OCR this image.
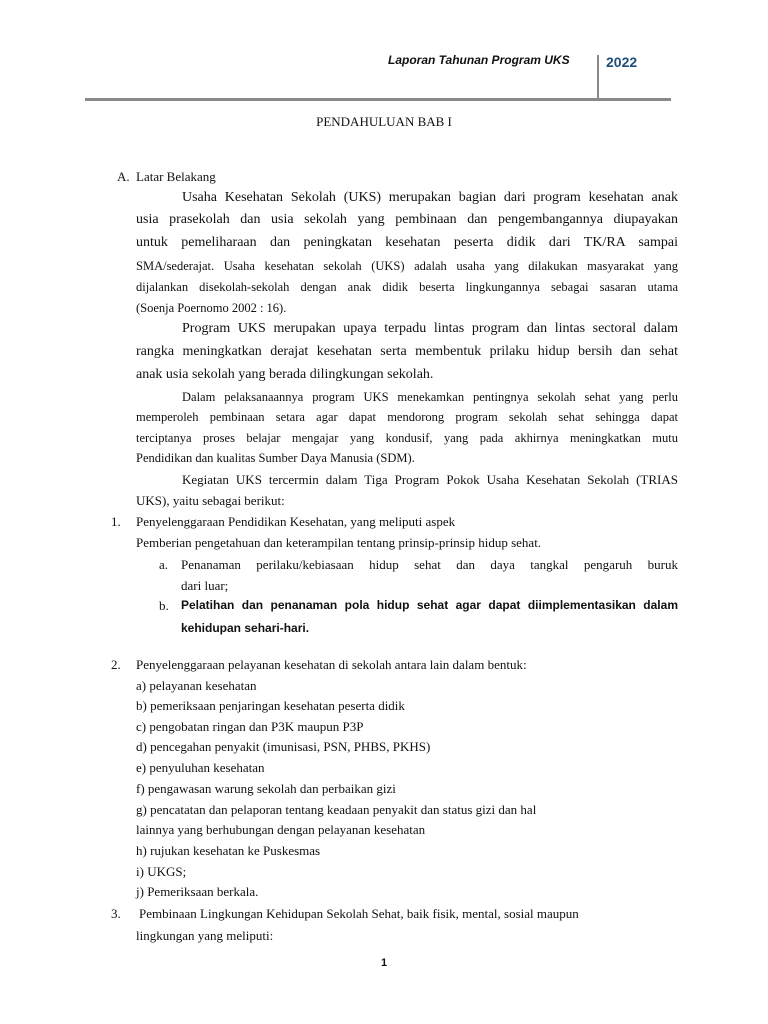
Laporan Tahunan Program UKS	2022
PENDAHULUAN BAB I
A. Latar Belakang
Usaha Kesehatan Sekolah (UKS) merupakan bagian dari program kesehatan anak
usia prasekolah dan usia sekolah yang pembinaan dan pengembangannya diupayakan
untuk pemeliharaan dan peningkatan kesehatan peserta didik dari TK/RA sampai
SMA/sederajat. Usaha kesehatan sekolah (UKS) adalah usaha yang dilakukan masyarakat yang
dijalankan disekolah-sekolah dengan anak didik beserta lingkungannya sebagai sasaran utama
(Soenja Poernomo 2002 : 16).
Program UKS merupakan upaya terpadu lintas program dan lintas sectoral dalam
rangka meningkatkan derajat kesehatan serta membentuk prilaku hidup bersih dan sehat
anak usia sekolah yang berada dilingkungan sekolah.
Dalam pelaksanaannya program UKS menekamkan pentingnya sekolah sehat yang perlu
memperoleh pembinaan setara agar dapat mendorong program sekolah sehat sehingga dapat
terciptanya proses belajar mengajar yang kondusif, yang pada akhirnya meningkatkan mutu
Pendidikan dan kualitas Sumber Daya Manusia (SDM).
Kegiatan UKS tercermin dalam Tiga Program Pokok Usaha Kesehatan Sekolah (TRIAS
UKS), yaitu sebagai berikut:
1. Penyelenggaraan Pendidikan Kesehatan, yang meliputi aspek
Pemberian pengetahuan dan keterampilan tentang prinsip-prinsip hidup sehat.
a. Penanaman perilaku/kebiasaan hidup sehat dan daya tangkal pengaruh buruk
dari luar;
b. Pelatihan dan penanaman pola hidup sehat agar dapat diimplementasikan dalam
kehidupan sehari-hari.
2. Penyelenggaraan pelayanan kesehatan di sekolah antara lain dalam bentuk:
a) pelayanan kesehatan
b) pemeriksaan penjaringan kesehatan peserta didik
c) pengobatan ringan dan P3K maupun P3P
d) pencegahan penyakit (imunisasi, PSN, PHBS, PKHS)
e) penyuluhan kesehatan
f) pengawasan warung sekolah dan perbaikan gizi
g) pencatatan dan pelaporan tentang keadaan penyakit dan status gizi dan hal
lainnya yang berhubungan dengan pelayanan kesehatan
h) rujukan kesehatan ke Puskesmas
i) UKGS;
j) Pemeriksaan berkala.
3. Pembinaan Lingkungan Kehidupan Sekolah Sehat, baik fisik, mental, sosial maupun
lingkungan yang meliputi:
1
